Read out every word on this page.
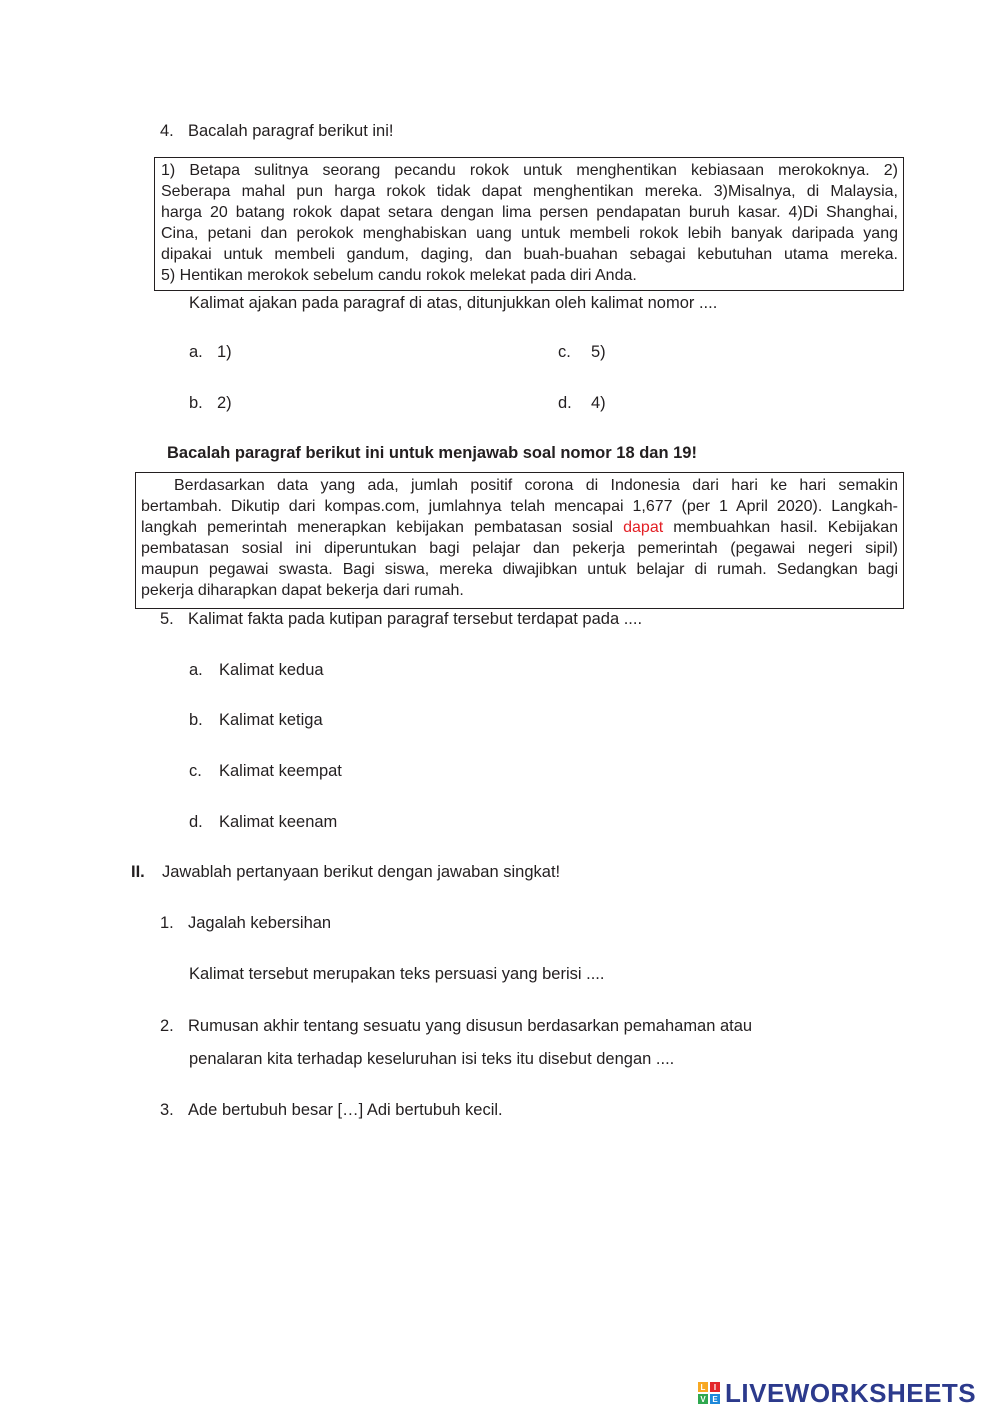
4. Bacalah paragraf berikut ini!
1) Betapa sulitnya seorang pecandu rokok untuk menghentikan kebiasaan merokoknya. 2)
Seberapa mahal pun harga rokok tidak dapat menghentikan mereka. 3)Misalnya, di Malaysia,
harga 20 batang rokok dapat setara dengan lima persen pendapatan buruh kasar. 4)Di Shanghai,
Cina, petani dan perokok menghabiskan uang untuk membeli rokok lebih banyak daripada yang
dipakai untuk membeli gandum, daging, dan buah-buahan sebagai kebutuhan utama mereka.
5) Hentikan merokok sebelum candu rokok melekat pada diri Anda.
Kalimat ajakan pada paragraf di atas, ditunjukkan oleh kalimat nomor ....
a. 1)
b. 2)
c. 5)
d. 4)
Bacalah paragraf berikut ini untuk menjawab soal nomor 18 dan 19!
Berdasarkan data yang ada, jumlah positif corona di Indonesia dari hari ke hari semakin
bertambah. Dikutip dari kompas.com, jumlahnya telah mencapai 1,677 (per 1 April 2020). Langkah-
langkah pemerintah menerapkan kebijakan pembatasan sosial dapat membuahkan hasil. Kebijakan
pembatasan sosial ini diperuntukan bagi pelajar dan pekerja pemerintah (pegawai negeri sipil)
maupun pegawai swasta. Bagi siswa, mereka diwajibkan untuk belajar di rumah. Sedangkan bagi
pekerja diharapkan dapat bekerja dari rumah.
5. Kalimat fakta pada kutipan paragraf tersebut terdapat pada ....
a. Kalimat kedua
b. Kalimat ketiga
c. Kalimat keempat
d. Kalimat keenam
II. Jawablah pertanyaan berikut dengan jawaban singkat!
1. Jagalah kebersihan
Kalimat tersebut merupakan teks persuasi yang berisi ....
2. Rumusan akhir tentang sesuatu yang disusun berdasarkan pemahaman atau
penalaran kita terhadap keseluruhan isi teks itu disebut dengan ....
3. Ade bertubuh besar […] Adi bertubuh kecil.
L I
V E LIVEWORKSHEETS
